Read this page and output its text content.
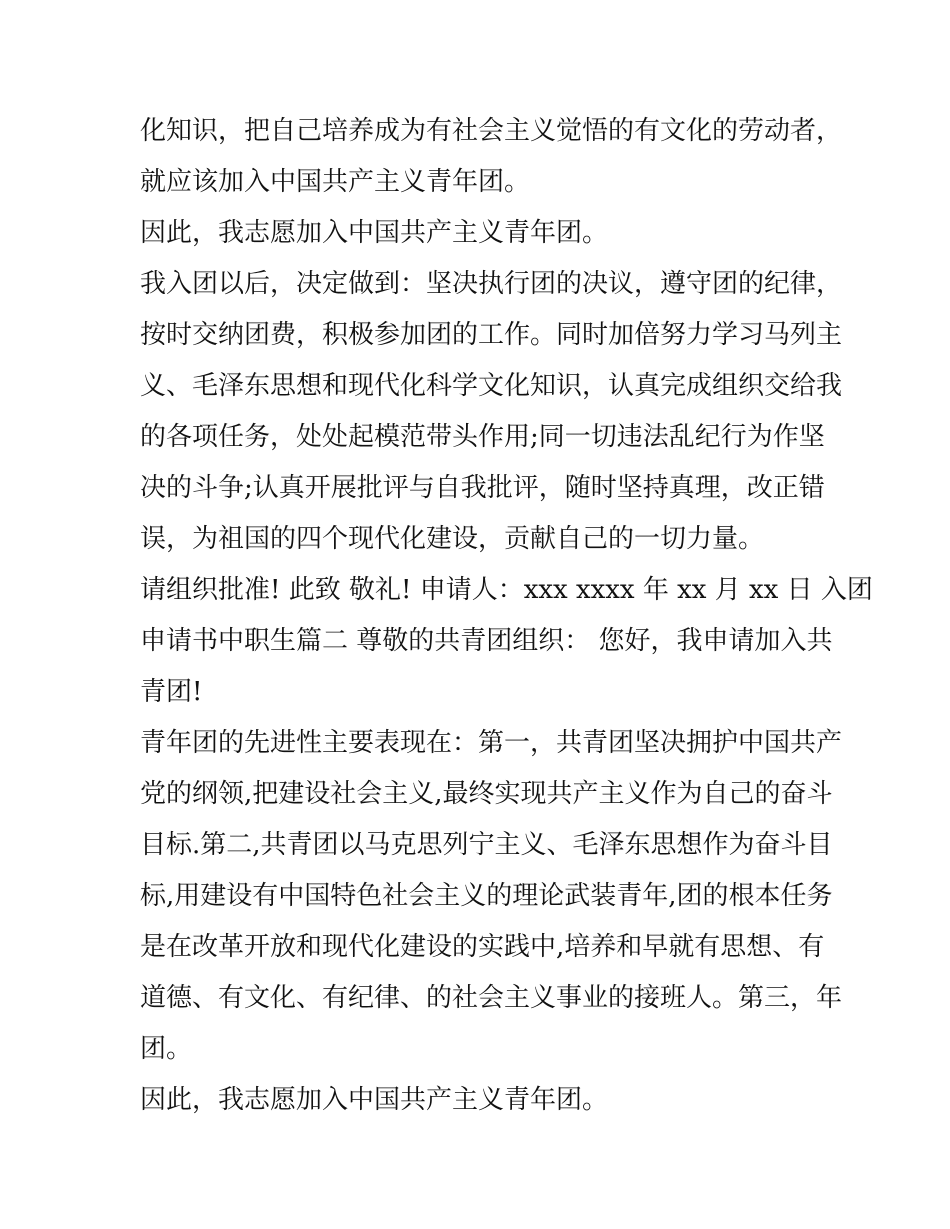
化知识，把自己培养成为有社会主义觉悟的有文化的劳动者，
就应该加入中国共产主义青年团。
因此，我志愿加入中国共产主义青年团。
我入团以后，决定做到：坚决执行团的决议，遵守团的纪律，
按时交纳团费，积极参加团的工作。同时加倍努力学习马列主
义、毛泽东思想和现代化科学文化知识，认真完成组织交给我
的各项任务，处处起模范带头作用;同一切违法乱纪行为作坚
决的斗争;认真开展批评与自我批评，随时坚持真理，改正错
误，为祖国的四个现代化建设，贡献自己的一切力量。
请组织批准! 此致 敬礼! 申请人：xxx xxxx 年 xx 月 xx 日 入团
申请书中职生篇二 尊敬的共青团组织： 您好，我申请加入共
青团!
青年团的先进性主要表现在：第一，共青团坚决拥护中国共产
党的纲领,把建设社会主义,最终实现共产主义作为自己的奋斗
目标.第二,共青团以马克思列宁主义、毛泽东思想作为奋斗目
标,用建设有中国特色社会主义的理论武装青年,团的根本任务
是在改革开放和现代化建设的实践中,培养和早就有思想、有
道德、有文化、有纪律、的社会主义事业的接班人。第三，年
团。
因此，我志愿加入中国共产主义青年团。
